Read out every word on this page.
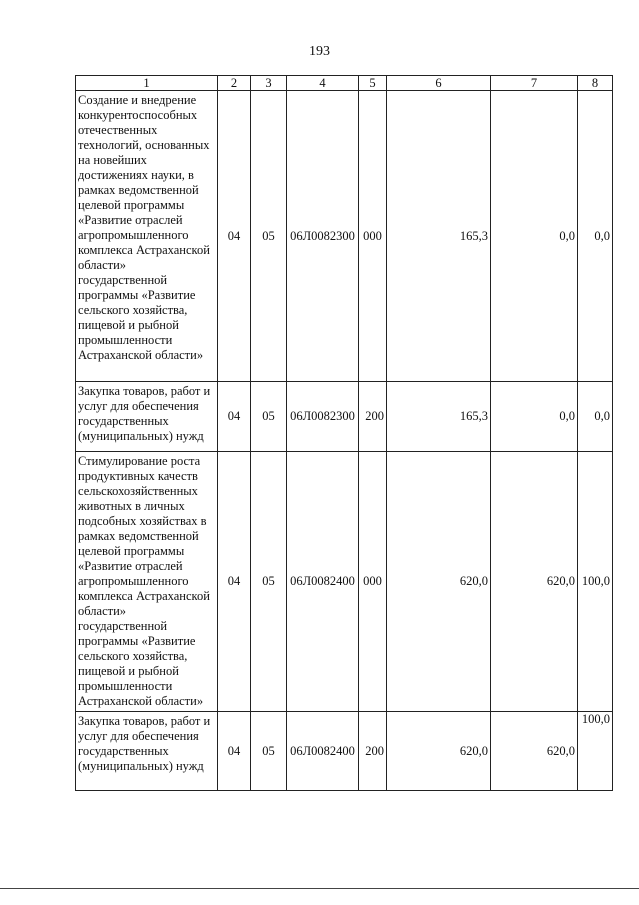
193
1	2	3	4	5	6	7	8
Создание и внедрение конкурентоспособных отечественных технологий, основанных на новейших достижениях науки, в рамках ведомственной целевой программы «Развитие отраслей агропромышленного комплекса Астраханской области» государственной программы «Развитие сельского хозяйства, пищевой и рыбной промышленности Астраханской области»	04	05	06Л0082300	000	165,3	0,0	0,0
Закупка товаров, работ и услуг для обеспечения государственных (муниципальных) нужд	04	05	06Л0082300	200	165,3	0,0	0,0
Стимулирование роста продуктивных качеств сельскохозяйственных животных в личных подсобных хозяйствах в рамках ведомственной целевой программы «Развитие отраслей агропромышленного комплекса Астраханской области» государственной программы «Развитие сельского хозяйства, пищевой и рыбной промышленности Астраханской области»	04	05	06Л0082400	000	620,0	620,0	100,0
Закупка товаров, работ и услуг для обеспечения государственных (муниципальных) нужд	04	05	06Л0082400	200	620,0	620,0	100,0
